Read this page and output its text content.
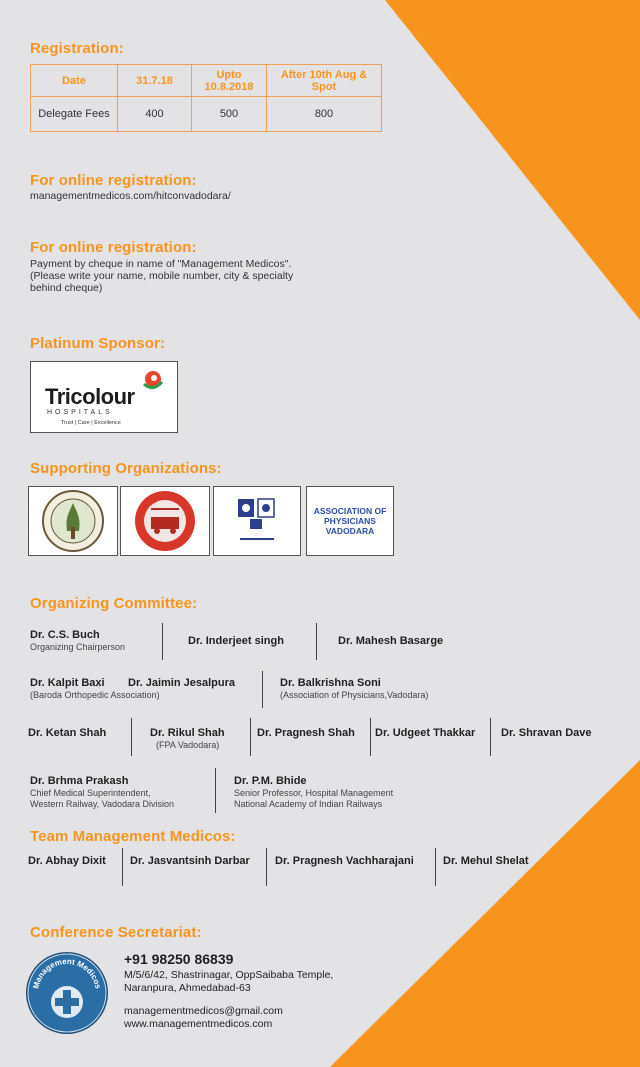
Registration:
Date	31.7.18	Upto 10.8.2018	After 10th Aug & Spot
Delegate Fees	400	500	800
For online registration:
managementmedicos.com/hitconvadodara/
For online registration:
Payment by cheque in name of "Management Medicos".
(Please write your name, mobile number, city & specialty
behind cheque)
Platinum Sponsor:
Tricolour
HOSPITALS
Trust | Care | Excellence
Supporting Organizations:
ASSOCIATION OF
PHYSICIANS
VADODARA
Organizing Committee:
Dr. C.S. Buch
Organizing Chairperson	Dr. Inderjeet singh	Dr. Mahesh Basarge
Dr. Kalpit Baxi Dr. Jaimin Jesalpura
(Baroda Orthopedic Association)
Dr. Balkrishna Soni
(Association of Physicians,Vadodara)
Dr. Ketan Shah	Dr. Rikul Shah
(FPA Vadodara)
Dr. Pragnesh Shah Dr. Udgeet Thakkar Dr. Shravan Dave
Dr. Brhma Prakash
Chief Medical Superintendent,
Western Railway, Vadodara Division
Dr. P.M. Bhide
Senior Professor, Hospital Management
National Academy of Indian Railways
Team Management Medicos:
Dr. Abhay Dixit Dr. Jasvantsinh Darbar Dr. Pragnesh Vachharajani	Dr. Mehul Shelat
Conference Secretariat:
Management Medicos
+91 98250 86839
M/5/6/42, Shastrinagar, OppSaibaba Temple,
Naranpura, Ahmedabad-63
managementmedicos@gmail.com
www.managementmedicos.com
